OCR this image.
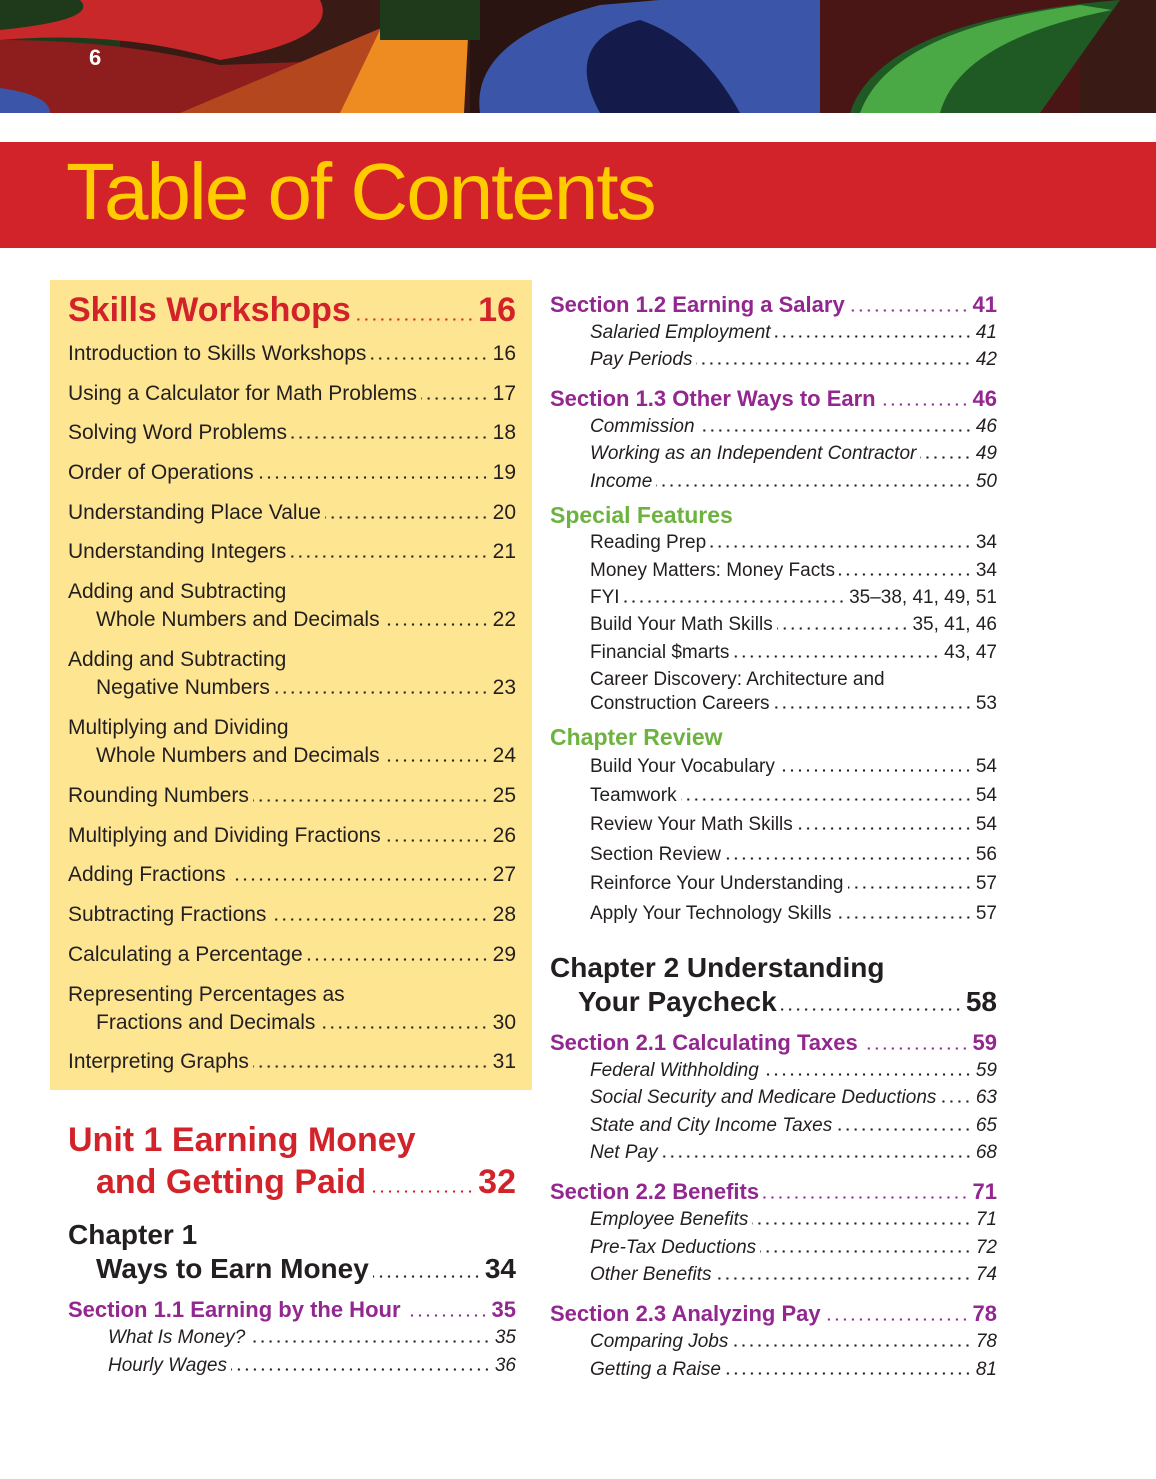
6
Table of Contents
Skills Workshops	16
Introduction to Skills Workshops	16
Using a Calculator for Math Problems	17
Solving Word Problems	18
Order of Operations	19
Understanding Place Value	20
Understanding Integers	21
Adding and Subtracting
Whole Numbers and Decimals	22
Adding and Subtracting
Negative Numbers	23
Multiplying and Dividing
Whole Numbers and Decimals	24
Rounding Numbers	25
Multiplying and Dividing Fractions	26
Adding Fractions	27
Subtracting Fractions	28
Calculating a Percentage	29
Representing Percentages as
Fractions and Decimals	30
Interpreting Graphs	31
Unit 1 Earning Money
and Getting Paid	32
Chapter 1
Ways to Earn Money	34
Section 1.1 Earning by the Hour	35
What Is Money?	35
Hourly Wages	36
Section 1.2 Earning a Salary	41
Salaried Employment	41
Pay Periods	42
Section 1.3 Other Ways to Earn	46
Commission	46
Working as an Independent Contractor	49
Income	50
Special Features
Reading Prep	34
Money Matters: Money Facts	34
FYI	35–38, 41, 49, 51
Build Your Math Skills	35, 41, 46
Financial $marts	43, 47
Career Discovery: Architecture and
Construction Careers	53
Chapter Review
Build Your Vocabulary	54
Teamwork	54
Review Your Math Skills	54
Section Review	56
Reinforce Your Understanding	57
Apply Your Technology Skills	57
Chapter 2 Understanding
Your Paycheck	58
Section 2.1 Calculating Taxes	59
Federal Withholding	59
Social Security and Medicare Deductions 63
State and City Income Taxes	65
Net Pay	68
Section 2.2 Benefits	71
Employee Benefits	71
Pre-Tax Deductions	72
Other Benefits	74
Section 2.3 Analyzing Pay	78
Comparing Jobs	78
Getting a Raise	81
